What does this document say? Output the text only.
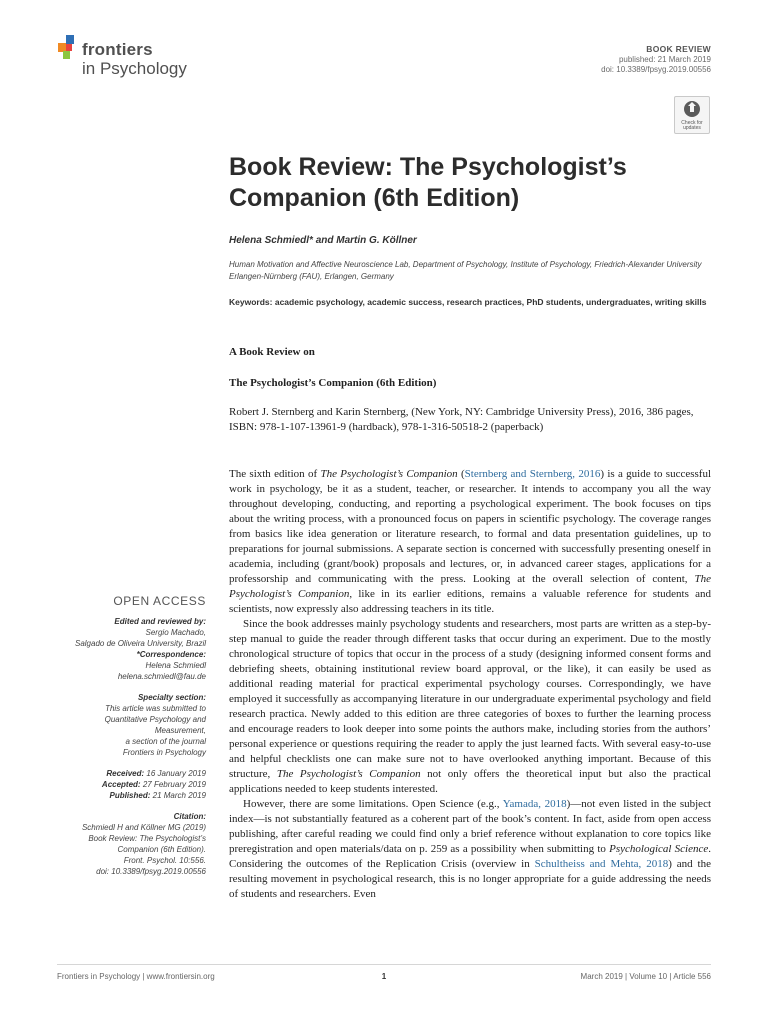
frontiers
in Psychology
BOOK REVIEW
published: 21 March 2019
doi: 10.3389/fpsyg.2019.00556
Check for updates
Book Review: The Psychologist’s Companion (6th Edition)
Helena Schmiedl* and Martin G. Köllner
Human Motivation and Affective Neuroscience Lab, Department of Psychology, Institute of Psychology, Friedrich-Alexander University Erlangen-Nürnberg (FAU), Erlangen, Germany
Keywords: academic psychology, academic success, research practices, PhD students, undergraduates, writing skills
A Book Review on
The Psychologist’s Companion (6th Edition)
Robert J. Sternberg and Karin Sternberg, (New York, NY: Cambridge University Press), 2016, 386 pages,
ISBN: 978-1-107-13961-9 (hardback), 978-1-316-50518-2 (paperback)

The sixth edition of The Psychologist’s Companion (Sternberg and Sternberg, 2016) is a guide to successful work in psychology, be it as a student, teacher, or researcher. It intends to accompany you all the way throughout developing, conducting, and reporting a psychological experiment. The book focuses on tips about the writing process, with a pronounced focus on papers in scientific psychology. The coverage ranges from basics like idea generation or literature research, to formal and data presentation guidelines, up to preparations for journal submissions. A separate section is concerned with successfully presenting oneself in academia, including (grant/book) proposals and lectures, or, in advanced career stages, applications for a professorship and communicating with the press. Looking at the overall selection of content, The Psychologist’s Companion, like in its earlier editions, remains a valuable reference for students and scientists, now expressly also addressing teachers in its title.

Since the book addresses mainly psychology students and researchers, most parts are written as a step-by-step manual to guide the reader through different tasks that occur during an experiment. Due to the mostly chronological structure of topics that occur in the process of a study (designing informed consent forms and debriefing sheets, obtaining institutional review board approval, or the like), it can easily be used as additional reading material for practical experimental psychology courses. Correspondingly, we have employed it successfully as accompanying literature in our undergraduate experimental psychology and field research practica. Newly added to this edition are three categories of boxes to further the learning process and encourage readers to look deeper into some points the authors make, including stories from the authors’ personal experience or questions requiring the reader to apply the just learned facts. With several easy-to-use and helpful checklists one can make sure not to have overlooked anything important. Because of this structure, The Psychologist’s Companion not only offers the theoretical input but also the practical applications needed to keep students interested.

However, there are some limitations. Open Science (e.g., Yamada, 2018)—not even listed in the subject index—is not substantially featured as a coherent part of the book’s content. In fact, aside from open access publishing, after careful reading we could find only a brief reference without explanation to core topics like preregistration and open materials/data on p. 259 as a possibility when submitting to Psychological Science. Considering the outcomes of the Replication Crisis (overview in Schultheiss and Mehta, 2018) and the resulting movement in psychological research, this is no longer appropriate for a guide addressing the needs of students and researchers. Even

OPEN ACCESS
Edited and reviewed by:
Sergio Machado,
Salgado de Oliveira University, Brazil
*Correspondence:
Helena Schmiedl
helena.schmiedl@fau.de
Specialty section:
This article was submitted to
Quantitative Psychology and
Measurement,
a section of the journal
Frontiers in Psychology
Received: 16 January 2019
Accepted: 27 February 2019
Published: 21 March 2019
Citation:
Schmiedl H and Köllner MG (2019)
Book Review: The Psychologist’s
Companion (6th Edition).
Front. Psychol. 10:556.
doi: 10.3389/fpsyg.2019.00556
Frontiers in Psychology | www.frontiersin.org	1	March 2019 | Volume 10 | Article 556
